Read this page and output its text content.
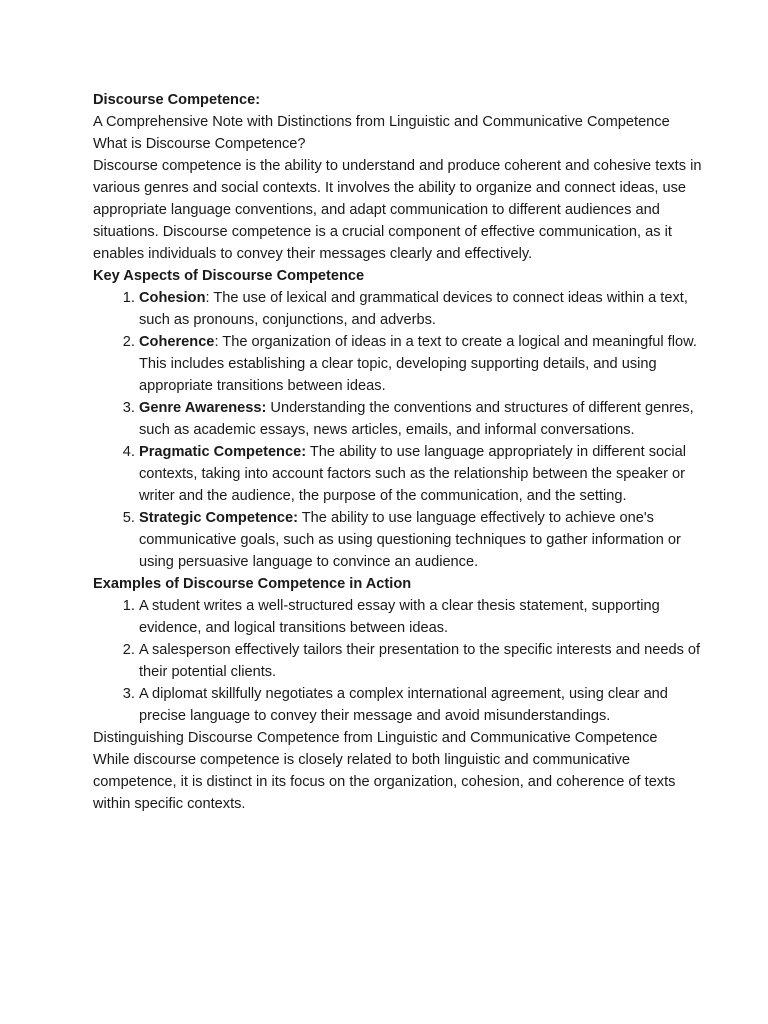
Discourse Competence:

A Comprehensive Note with Distinctions from Linguistic and Communicative Competence

What is Discourse Competence?

Discourse competence is the ability to understand and produce coherent and cohesive texts in various genres and social contexts. It involves the ability to organize and connect ideas, use appropriate language conventions, and adapt communication to different audiences and situations. Discourse competence is a crucial component of effective communication, as it enables individuals to convey their messages clearly and effectively.

Key Aspects of Discourse Competence

1. Cohesion: The use of lexical and grammatical devices to connect ideas within a text, such as pronouns, conjunctions, and adverbs.
2. Coherence: The organization of ideas in a text to create a logical and meaningful flow. This includes establishing a clear topic, developing supporting details, and using appropriate transitions between ideas.
3. Genre Awareness: Understanding the conventions and structures of different genres, such as academic essays, news articles, emails, and informal conversations.
4. Pragmatic Competence: The ability to use language appropriately in different social contexts, taking into account factors such as the relationship between the speaker or writer and the audience, the purpose of the communication, and the setting.
5. Strategic Competence: The ability to use language effectively to achieve one's communicative goals, such as using questioning techniques to gather information or using persuasive language to convince an audience.

Examples of Discourse Competence in Action

1. A student writes a well-structured essay with a clear thesis statement, supporting evidence, and logical transitions between ideas.
2. A salesperson effectively tailors their presentation to the specific interests and needs of their potential clients.
3. A diplomat skillfully negotiates a complex international agreement, using clear and precise language to convey their message and avoid misunderstandings.

Distinguishing Discourse Competence from Linguistic and Communicative Competence

While discourse competence is closely related to both linguistic and communicative competence, it is distinct in its focus on the organization, cohesion, and coherence of texts within specific contexts.
